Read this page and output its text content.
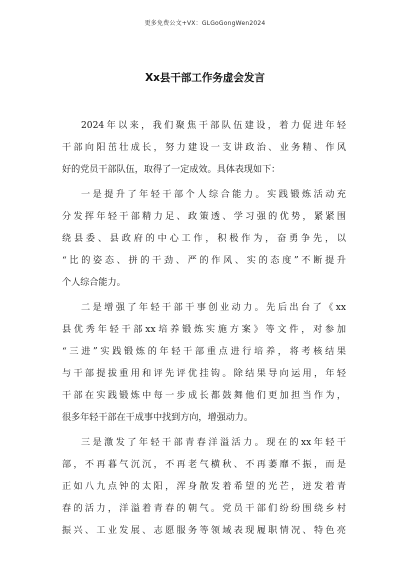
更多免费公文+VX：GLGoGongWen2024
Xx县干部工作务虚会发言
2024年以来，我们聚焦干部队伍建设，着力促进年轻
干部向阳茁壮成长，努力建设一支讲政治、业务精、作风
好的党员干部队伍，取得了一定成效。具体表现如下：
一是提升了年轻干部个人综合能力。实践锻炼活动充
分发挥年轻干部精力足、政策透、学习强的优势，紧紧围
绕县委、县政府的中心工作，积极作为，奋勇争先，以
“比的姿态、拼的干劲、严的作风、实的态度”不断提升
个人综合能力。
二是增强了年轻干部干事创业动力。先后出台了《xx
县优秀年轻干部xx培养锻炼实施方案》等文件，对参加
“三进”实践锻炼的年轻干部重点进行培养，将考核结果
与干部提拔重用和评先评优挂钩。除结果导向运用，年轻
干部在实践锻炼中每一步成长都鼓舞他们更加担当作为，
很多年轻干部在干成事中找到方向，增强动力。
三是激发了年轻干部青春洋溢活力。现在的xx年轻干
部，不再暮气沉沉，不再老气横秋、不再萎靡不振，而是
正如八九点钟的太阳，浑身散发着希望的光芒，迸发着青
春的活力，洋溢着青春的朝气。党员干部们纷纷围绕乡村
振兴、工业发展、志愿服务等领域表现履职情况、特色亮
